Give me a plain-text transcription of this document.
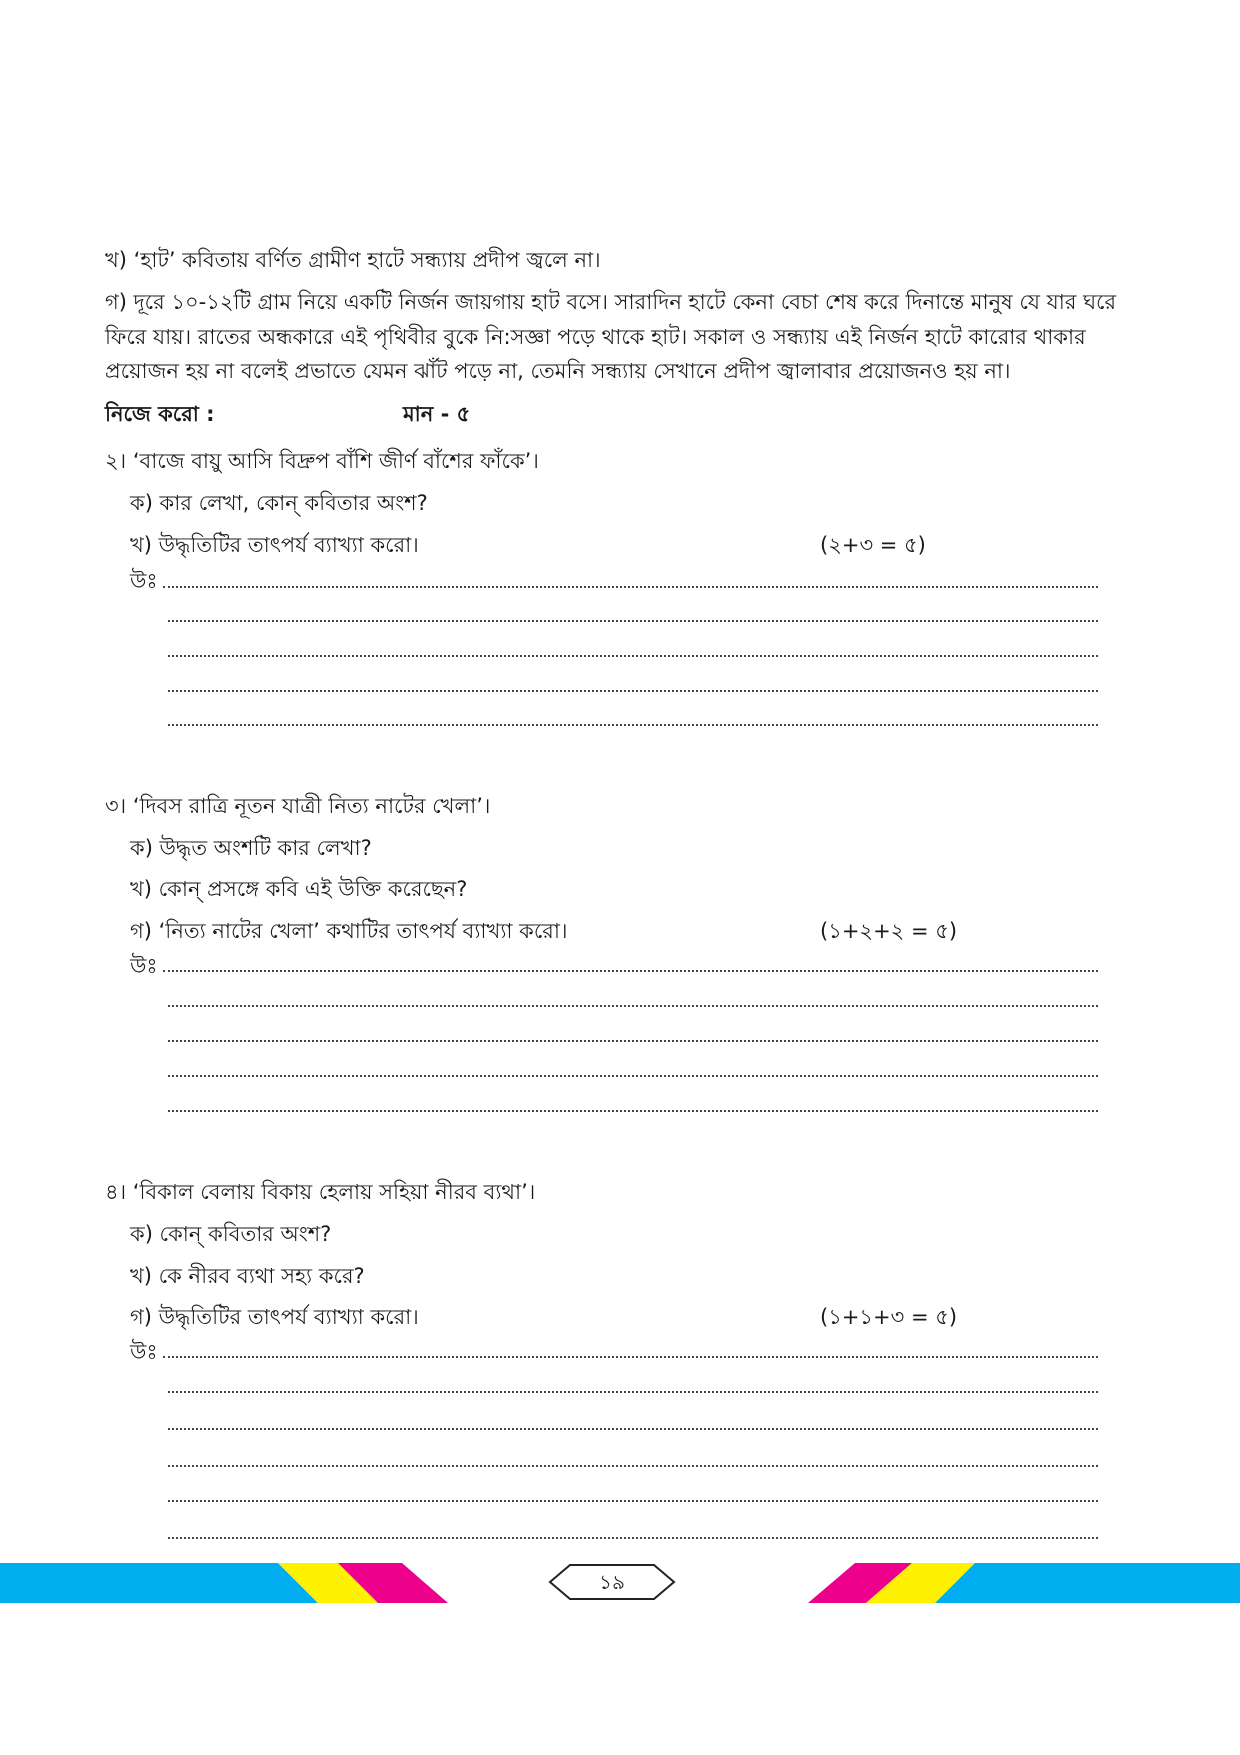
খ) ‘হাট’ কবিতায় বর্ণিত গ্রামীণ হাটে সন্ধ্যায় প্রদীপ জ্বলে না।
গ) দূরে ১০-১২টি গ্রাম নিয়ে একটি নির্জন জায়গায় হাট বসে। সারাদিন হাটে কেনা বেচা শেষ করে দিনান্তে মানুষ যে যার ঘরে
ফিরে যায়। রাতের অন্ধকারে এই পৃথিবীর বুকে নি:সজ্ঞা পড়ে থাকে হাট। সকাল ও সন্ধ্যায় এই নির্জন হাটে কারোর থাকার
প্রয়োজন হয় না বলেই প্রভাতে যেমন ঝাঁট পড়ে না, তেমনি সন্ধ্যায় সেখানে প্রদীপ জ্বালাবার প্রয়োজনও হয় না।
নিজে করো :	মান - ৫
২। ‘বাজে বায়ু আসি বিদ্রুপ বাঁশি জীর্ণ বাঁশের ফাঁকে’।
ক) কার লেখা, কোন্ কবিতার অংশ?
খ) উদ্ধৃতিটির তাৎপর্য ব্যাখ্যা করো।	(২+৩ = ৫)
উঃ
৩। ‘দিবস রাত্রি নূতন যাত্রী নিত্য নাটের খেলা’।
ক) উদ্ধৃত অংশটি কার লেখা?
খ) কোন্ প্রসঙ্গে কবি এই উক্তি করেছেন?
গ) ‘নিত্য নাটের খেলা’ কথাটির তাৎপর্য ব্যাখ্যা করো।	(১+২+২ = ৫)
উঃ
৪। ‘বিকাল বেলায় বিকায় হেলায় সহিয়া নীরব ব্যথা’।
ক) কোন্ কবিতার অংশ?
খ) কে নীরব ব্যথা সহ্য করে?
গ) উদ্ধৃতিটির তাৎপর্য ব্যাখ্যা করো।	(১+১+৩ = ৫)
উঃ
১৯
